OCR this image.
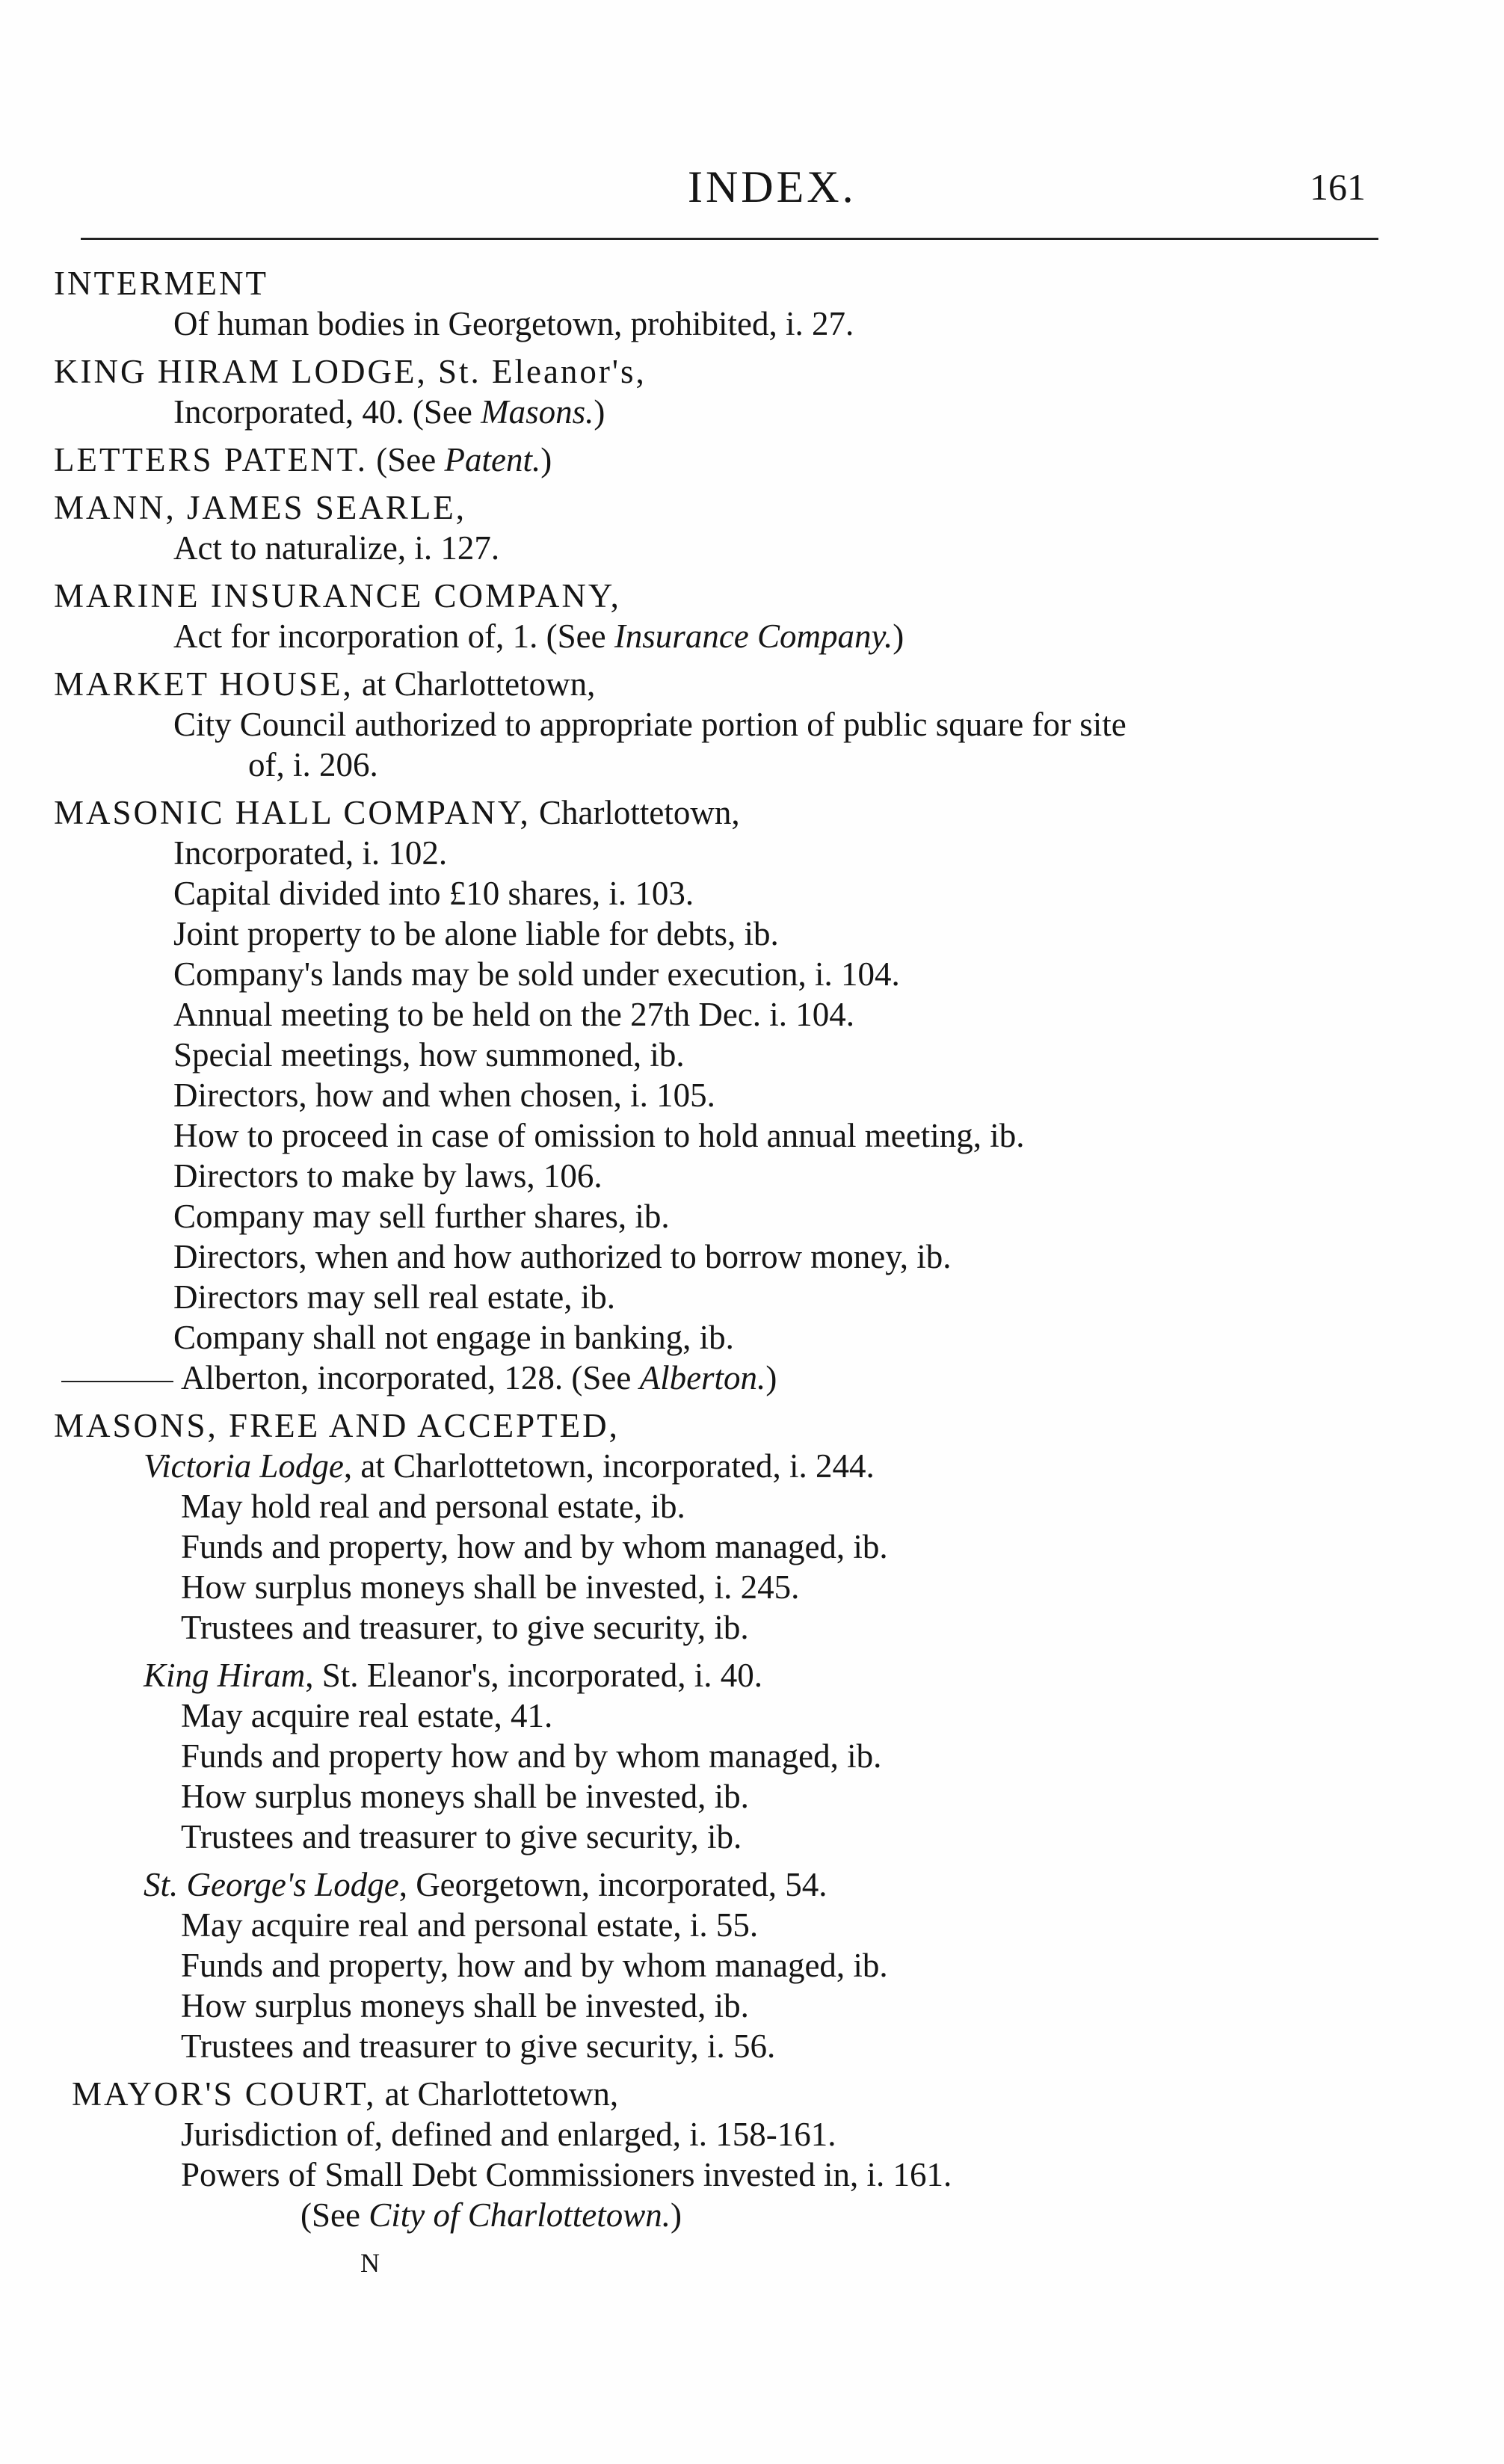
INDEX.	161
INTERMENT
Of human bodies in Georgetown, prohibited, i. 27.
KING HIRAM LODGE, St. Eleanor's,
Incorporated, 40. (See Masons.)
LETTERS PATENT. (See Patent.)
MANN, JAMES SEARLE,
Act to naturalize, i. 127.
MARINE INSURANCE COMPANY,
Act for incorporation of, 1. (See Insurance Company.)
MARKET HOUSE, at Charlottetown,
City Council authorized to appropriate portion of public square for site
of, i. 206.
MASONIC HALL COMPANY, Charlottetown,
Incorporated, i. 102.
Capital divided into £10 shares, i. 103.
Joint property to be alone liable for debts, ib.
Company's lands may be sold under execution, i. 104.
Annual meeting to be held on the 27th Dec. i. 104.
Special meetings, how summoned, ib.
Directors, how and when chosen, i. 105.
How to proceed in case of omission to hold annual meeting, ib.
Directors to make by laws, 106.
Company may sell further shares, ib.
Directors, when and how authorized to borrow money, ib.
Directors may sell real estate, ib.
Company shall not engage in banking, ib.
Alberton, incorporated, 128. (See Alberton.)
MASONS, FREE AND ACCEPTED,
Victoria Lodge, at Charlottetown, incorporated, i. 244.
May hold real and personal estate, ib.
Funds and property, how and by whom managed, ib.
How surplus moneys shall be invested, i. 245.
Trustees and treasurer, to give security, ib.
King Hiram, St. Eleanor's, incorporated, i. 40.
May acquire real estate, 41.
Funds and property how and by whom managed, ib.
How surplus moneys shall be invested, ib.
Trustees and treasurer to give security, ib.
St. George's Lodge, Georgetown, incorporated, 54.
May acquire real and personal estate, i. 55.
Funds and property, how and by whom managed, ib.
How surplus moneys shall be invested, ib.
Trustees and treasurer to give security, i. 56.
MAYOR'S COURT, at Charlottetown,
Jurisdiction of, defined and enlarged, i. 158-161.
Powers of Small Debt Commissioners invested in, i. 161.
(See City of Charlottetown.)
N
